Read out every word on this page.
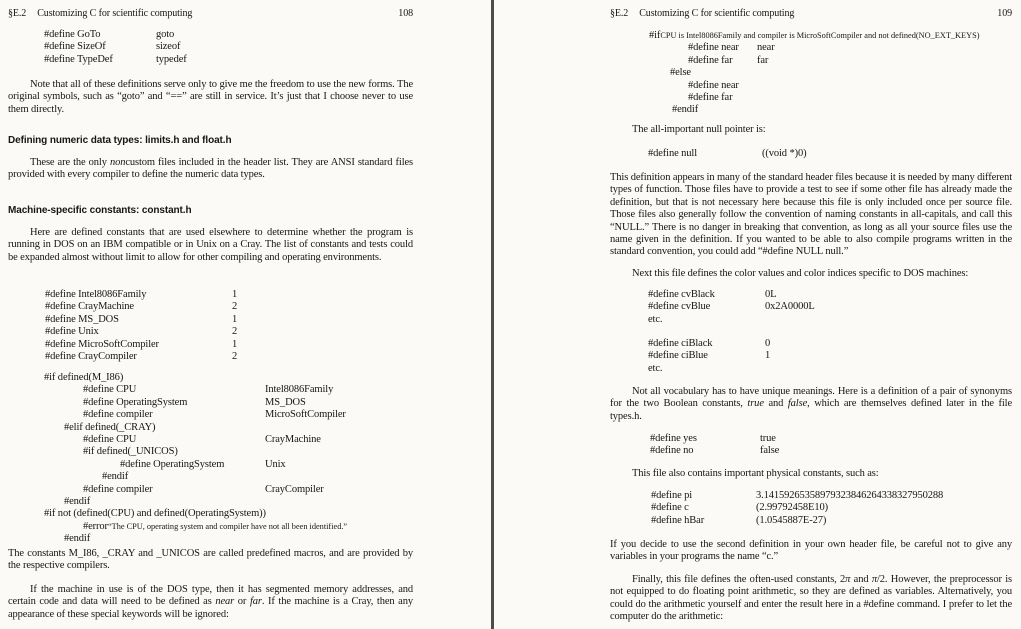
§E.2 Customizing C for scientific computing	108
#define GoTo	goto
#define SizeOf	sizeof
#define TypeDef	typedef
Note that all of these definitions serve only to give me the freedom to use the new forms. The original symbols, such as “goto” and “==” are still in service. It’s just that I choose never to use them directly.
Defining numeric data types: limits.h and float.h
These are the only noncustom files included in the header list. They are ANSI standard files provided with every compiler to define the numeric data types.
Machine-specific constants: constant.h
Here are defined constants that are used elsewhere to determine whether the program is running in DOS on an IBM compatible or in Unix on a Cray. The list of constants and tests could be expanded almost without limit to allow for other compiling and operating environments.
#define Intel8086Family	1
#define CrayMachine	2
#define MS_DOS	1
#define Unix	2
#define MicroSoftCompiler	1
#define CrayCompiler	2
#if defined(M_I86)
#define CPU	Intel8086Family
#define OperatingSystem	MS_DOS
#define compiler	MicroSoftCompiler
#elif defined(_CRAY)
#define CPU	CrayMachine
#if defined(_UNICOS)
#define OperatingSystem	Unix
#endif
#define compiler	CrayCompiler
#endif
#if not (defined(CPU) and defined(OperatingSystem))
#error“The CPU, operating system and compiler have not all been identified.”
#endif
The constants M_I86, _CRAY and _UNICOS are called predefined macros, and are provided by the respective compilers.
If the machine in use is of the DOS type, then it has segmented memory addresses, and certain code and data will need to be defined as near or far. If the machine is a Cray, then any appearance of these special keywords will be ignored:
§E.2 Customizing C for scientific computing	109
#ifCPU is Intel8086Family and compiler is MicroSoftCompiler and not defined(NO_EXT_KEYS)
#define near near
#define far far
#else
#define near
#define far
#endif
The all-important null pointer is:
#define null	((void *)0)
This definition appears in many of the standard header files because it is needed by many different types of function. Those files have to provide a test to see if some other file has already made the definition, but that is not necessary here because this file is only included once per source file. Those files also generally follow the convention of naming constants in all-capitals, and call this “NULL.” There is no danger in breaking that convention, as long as all your source files use the name given in the definition. If you wanted to be able to also compile programs written in the standard convention, you could add “#define NULL null.”
Next this file defines the color values and color indices specific to DOS machines:
#define cvBlack	0L
#define cvBlue	0x2A0000L
etc.
#define ciBlack	0
#define ciBlue	1
etc.
Not all vocabulary has to have unique meanings. Here is a definition of a pair of synonyms for the two Boolean constants, true and false, which are themselves defined later in the file types.h.
#define yes	true
#define no	false
This file also contains important physical constants, such as:
#define pi	3.14159265358979323846264338327950288
#define c	(2.99792458E10)
#define hBar	(1.0545887E-27)
If you decide to use the second definition in your own header file, be careful not to give any variables in your programs the name “c.”
Finally, this file defines the often-used constants, 2π and π/2. However, the preprocessor is not equipped to do floating point arithmetic, so they are defined as variables. Alternatively, you could do the arithmetic yourself and enter the result here in a #define command. I prefer to let the computer do the arithmetic:
